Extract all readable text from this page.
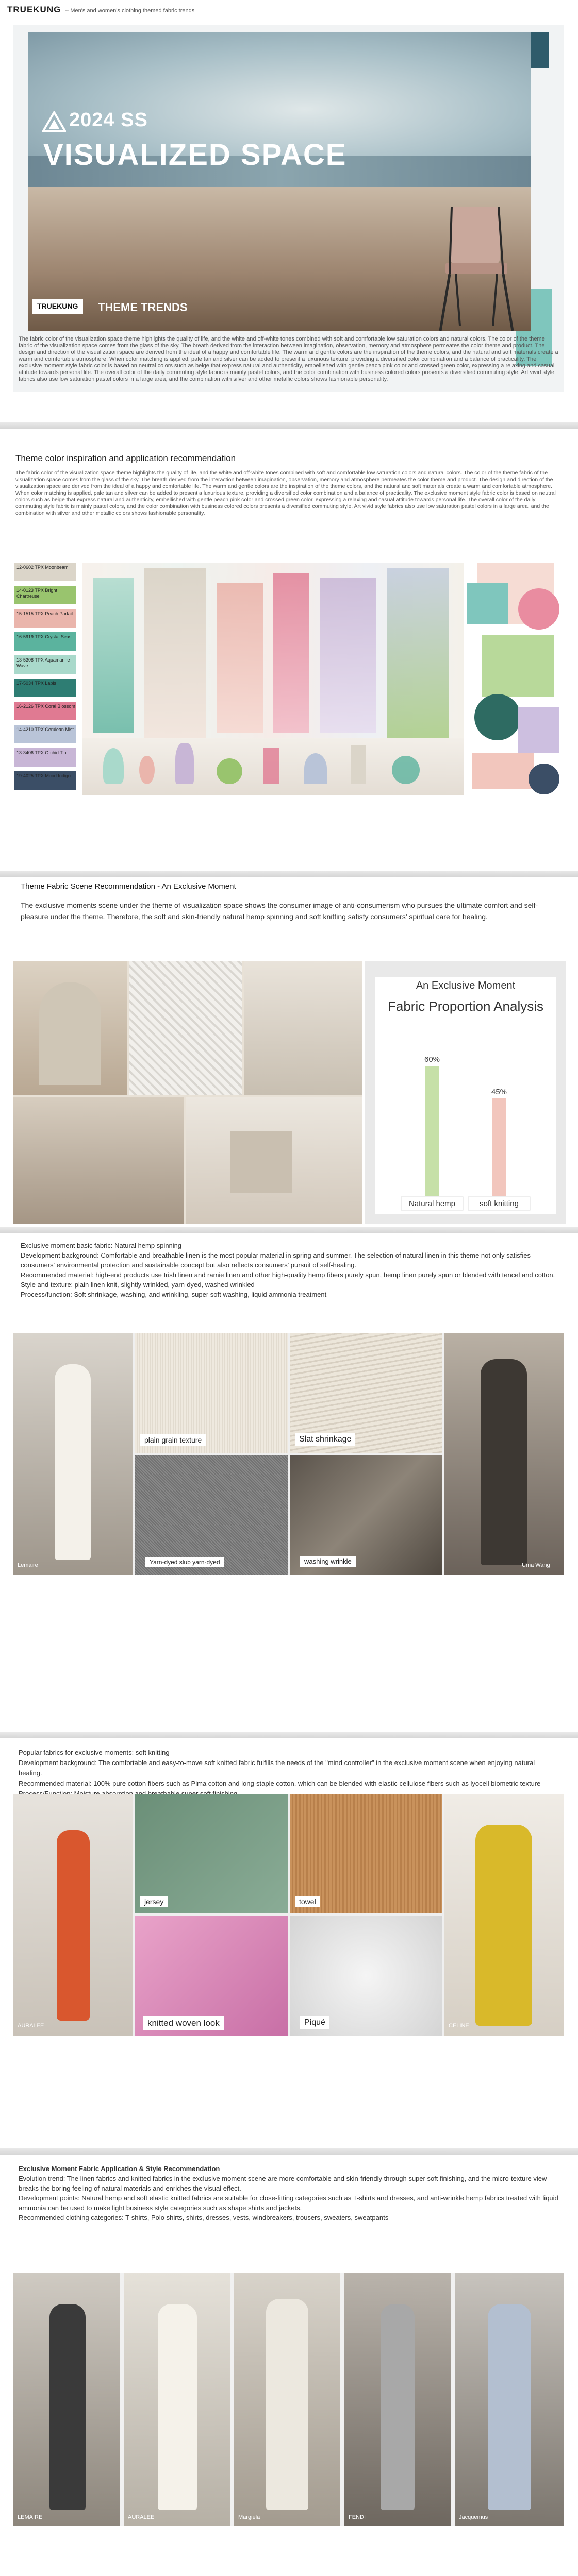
TRUEKUNG -- Men's and women's clothing themed fabric trends
2024 SS
VISUALIZED SPACE
TRUEKUNG	THEME TRENDS
The fabric color of the visualization space theme highlights the quality of life, and the white and off-white tones combined with soft and comfortable low saturation colors and natural colors. The color of the theme fabric of the visualization space comes from the glass of the sky. The breath derived from the interaction between imagination, observation, memory and atmosphere permeates the color theme and product. The design and direction of the visualization space are derived from the ideal of a happy and comfortable life. The warm and gentle colors are the inspiration of the theme colors, and the natural and soft materials create a warm and comfortable atmosphere. When color matching is applied, pale tan and silver can be added to present a luxurious texture, providing a diversified color combination and a balance of practicality. The exclusive moment style fabric color is based on neutral colors such as beige that express natural and authenticity, embellished with gentle peach pink color and crossed green color, expressing a relaxing and casual attitude towards personal life. The overall color of the daily commuting style fabric is mainly pastel colors, and the color combination with business colored colors presents a diversified commuting style. Art vivid style fabrics also use low saturation pastel colors in a large area, and the combination with silver and other metallic colors shows fashionable personality.
Theme color inspiration and application recommendation
The fabric color of the visualization space theme highlights the quality of life, and the white and off-white tones combined with soft and comfortable low saturation colors and natural colors. The color of the theme fabric of the visualization space comes from the glass of the sky. The breath derived from the interaction between imagination, observation, memory and atmosphere permeates the color theme and product. The design and direction of the visualization space are derived from the ideal of a happy and comfortable life. The warm and gentle colors are the inspiration of the theme colors, and the natural and soft materials create a warm and comfortable atmosphere. When color matching is applied, pale tan and silver can be added to present a luxurious texture, providing a diversified color combination and a balance of practicality. The exclusive moment style fabric color is based on neutral colors such as beige that express natural and authenticity, embellished with gentle peach pink color and crossed green color, expressing a relaxing and casual attitude towards personal life. The overall color of the daily commuting style fabric is mainly pastel colors, and the color combination with business colored colors presents a diversified commuting style. Art vivid style fabrics also use low saturation pastel colors in a large area, and the combination with silver and other metallic colors shows fashionable personality.
12-0602 TPX Moonbeam
14-0123 TPX Bright Chartreuse
15-1515 TPX Peach Parfait
16-5919 TPX Crystal Seas
13-5308 TPX Aquamarine Wave
17-5034 TPX Lapis
16-2126 TPX Coral Blossom
14-4210 TPX Cerulean Mist
13-3406 TPX Orchid Tint
19-4025 TPX Mood Indigo
Theme Fabric Scene Recommendation - An Exclusive Moment
The exclusive moments scene under the theme of visualization space shows the consumer image of anti-consumerism who pursues the ultimate comfort and self-pleasure under the theme. Therefore, the soft and skin-friendly natural hemp spinning and soft knitting satisfy consumers' spiritual care for healing.
An Exclusive Moment
Fabric Proportion Analysis
60%
Natural hemp
45%
soft knitting
Exclusive moment basic fabric: Natural hemp spinning
Development background: Comfortable and breathable linen is the most popular material in spring and summer. The selection of natural linen in this theme not only satisfies consumers' environmental protection and sustainable concept but also reflects consumers' pursuit of self-healing.
Recommended material: high-end products use Irish linen and ramie linen and other high-quality hemp fibers purely spun, hemp linen purely spun or blended with tencel and cotton.
Style and texture: plain linen knit, slightly wrinkled, yarn-dyed, washed wrinkled
Process/function: Soft shrinkage, washing, and wrinkling, super soft washing, liquid ammonia treatment
Lemaire	Uma Wang
plain grain texture	Slat shrinkage
Yarn-dyed slub yarn-dyed	washing wrinkle
Popular fabrics for exclusive moments: soft knitting
Development background: The comfortable and easy-to-move soft knitted fabric fulfills the needs of the "mind controller" in the exclusive moment scene when enjoying natural healing.
Recommended material: 100% pure cotton fibers such as Pima cotton and long-staple cotton, which can be blended with elastic cellulose fibers such as lyocell biometric texture
AURALEE	CELINE
jersey	towel
knitted woven look	Piqué
Exclusive Moment Fabric Application & Style Recommendation
Evolution trend: The linen fabrics and knitted fabrics in the exclusive moment scene are more comfortable and skin-friendly through super soft finishing, and the micro-texture view breaks the boring feeling of natural materials and enriches the visual effect.
Development points: Natural hemp and soft elastic knitted fabrics are suitable for close-fitting categories such as T-shirts and dresses, and anti-wrinkle hemp fabrics treated with liquid ammonia can be used to make light business style categories such as shape shirts and jackets.
Recommended clothing categories: T-shirts, Polo shirts, shirts, dresses, vests, windbreakers, trousers, sweaters, sweatpants
LEMAIRE	AURALEE	Margiela	FENDI	Jacquemus
